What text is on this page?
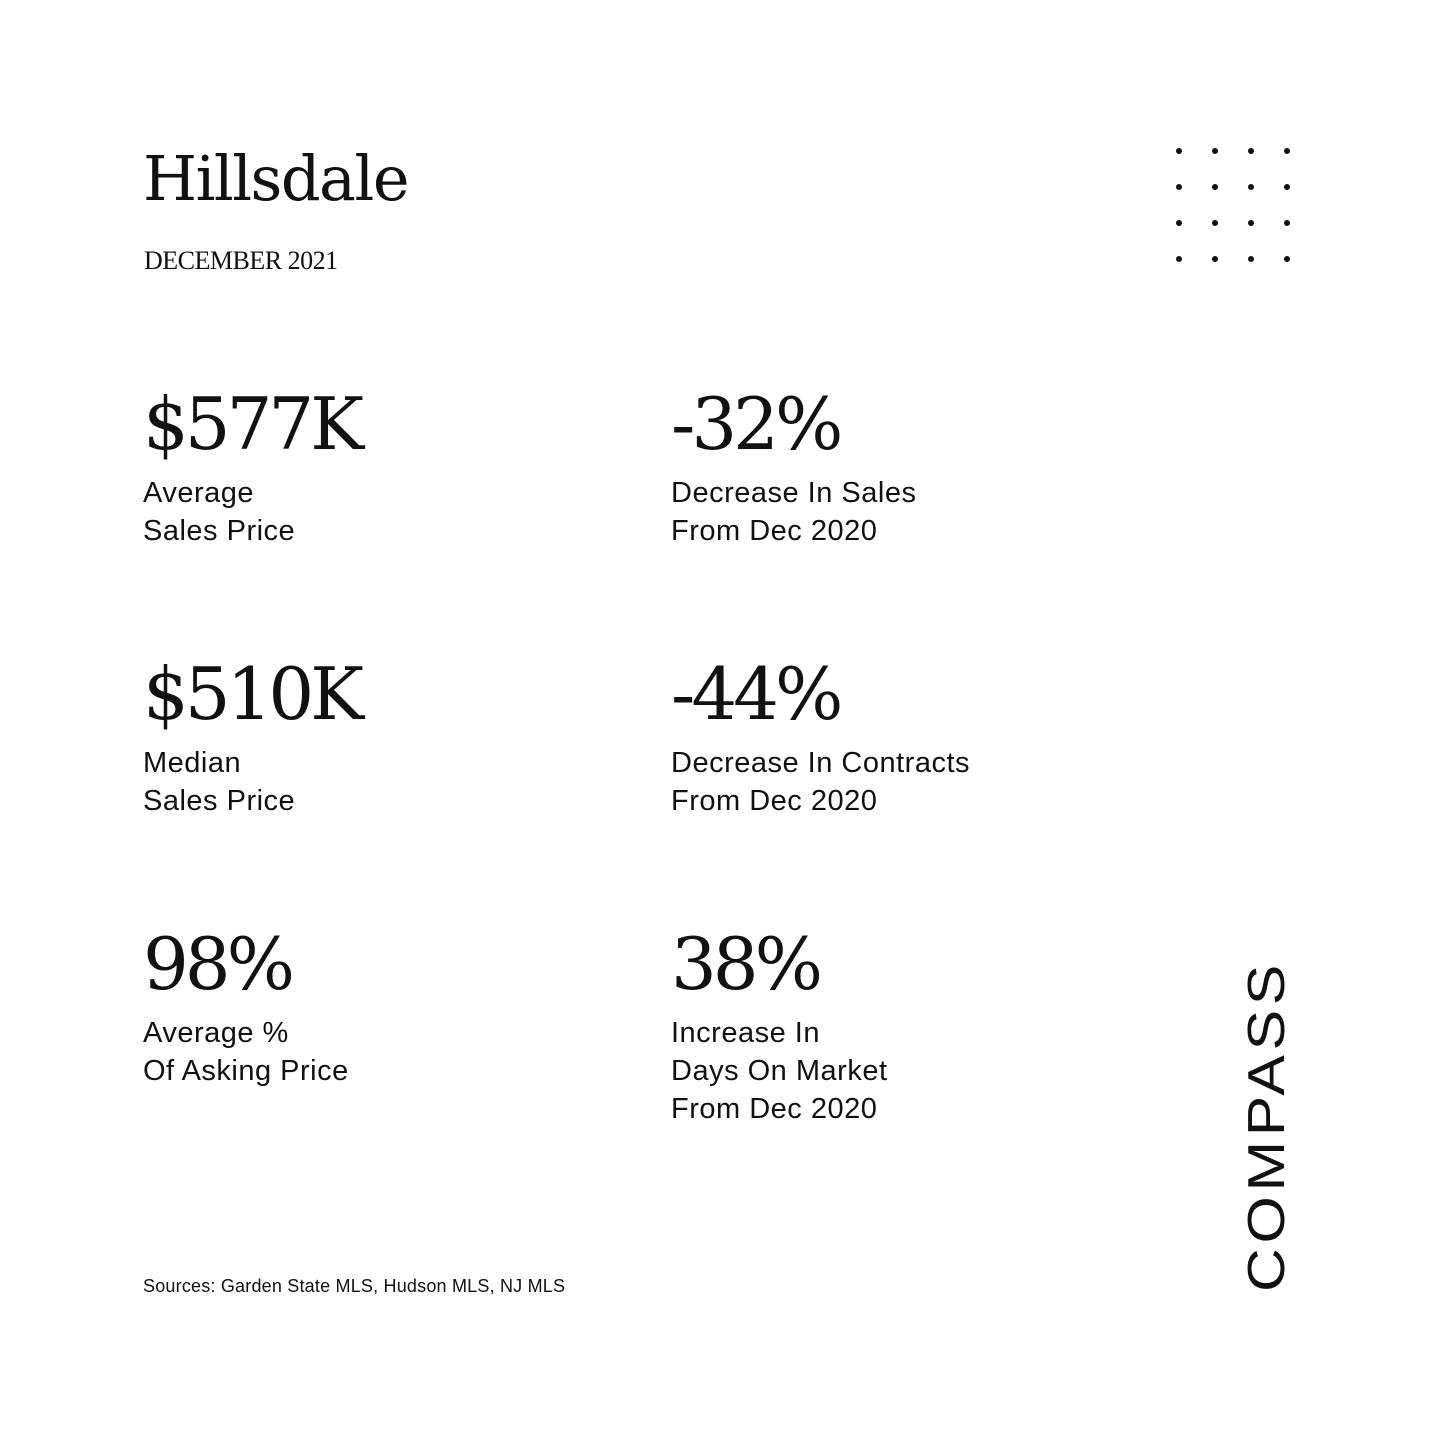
Hillsdale
DECEMBER 2021
$577K
Average
Sales Price
-32%
Decrease In Sales
From Dec 2020
$510K
Median
Sales Price
-44%
Decrease In Contracts
From Dec 2020
98%
Average %
Of Asking Price
38%
Increase In
Days On Market
From Dec 2020
Sources: Garden State MLS, Hudson MLS, NJ MLS	COMPASS
